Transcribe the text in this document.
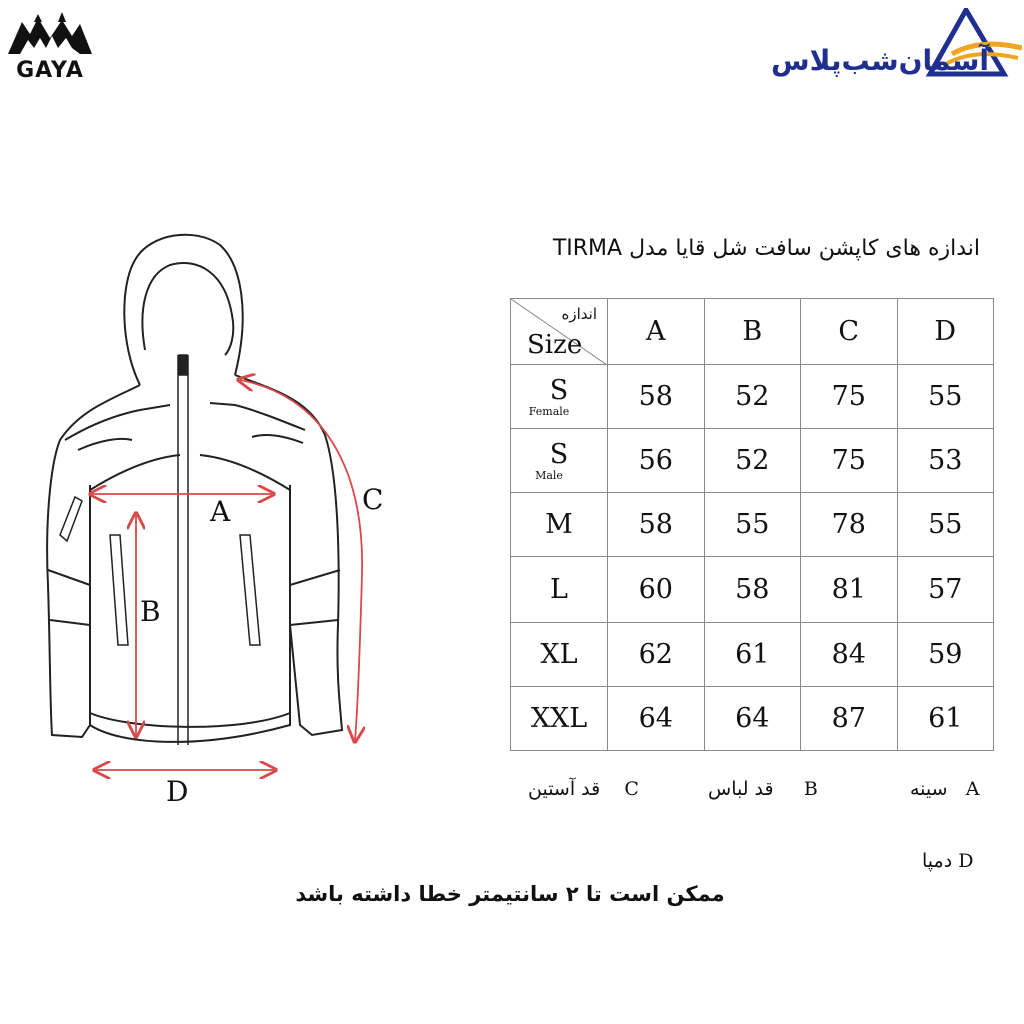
GAYA	آسمان‌شب‌پلاس
A
B
C
D
اندازه های کاپشن سافت شل قایا مدل TIRMA
اندازه
Size	A	B	C	D

S
Female	58	52	75	55

S
Male	56	52	75	53
M	58	55	78	55
L	60	58	81	57
XL	62	61	84	59
XXL	64	64	87	61
سینه A
قد لباس B
قد آستین C
دمپا D
ممکن است تا ۲ سانتیمتر خطا داشته باشد
